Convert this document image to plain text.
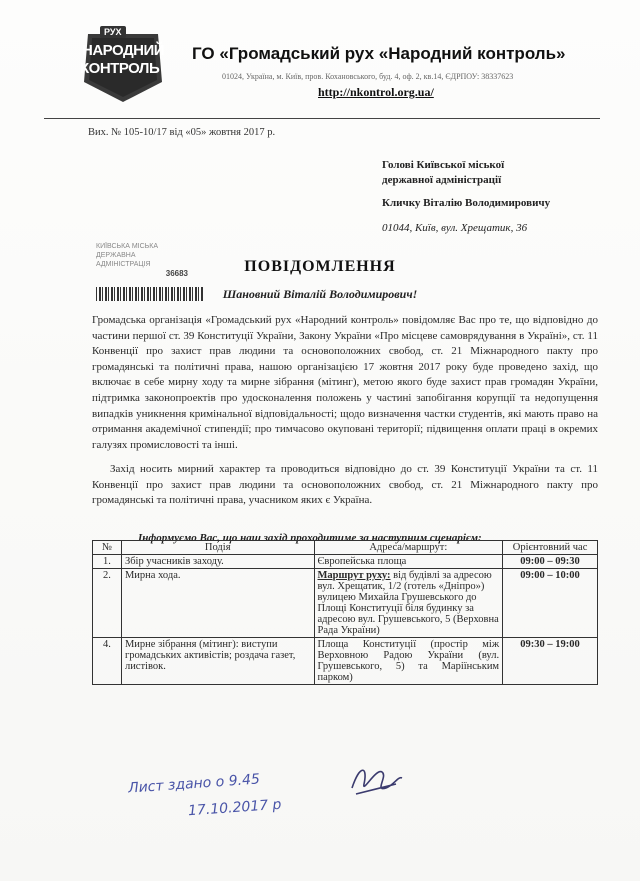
РУХ
НАРОДНИЙ
КОНТРОЛЬ
ГО «Громадський рух «Народний контроль»
01024, Україна, м. Київ, пров. Кохановського, буд. 4, оф. 2, кв.14, ЄДРПОУ: 38337623
http://nkontrol.org.ua/
Вих. № 105-10/17 від «05» жовтня 2017 р.
Голові Київської міської
державної адміністрації
Кличку Віталію Володимировичу
01044, Київ, вул. Хрещатик, 36
КИЇВСЬКА МІСЬКА ДЕРЖАВНА
АДМІНІСТРАЦІЯ
36683	ПОВІДОМЛЕННЯ
Шановний Віталій Володимирович!
Громадська організація «Громадський рух «Народний контроль» повідомляє Вас про те, що відповідно до частини першої ст. 39 Конституції України, Закону України «Про місцеве самоврядування в Україні», ст. 11 Конвенції про захист прав людини та основоположних свобод, ст. 21 Міжнародного пакту про громадянські та політичні права, нашою організацією 17 жовтня 2017 року буде проведено захід, що включає в себе мирну ходу та мирне зібрання (мітинг), метою якого буде захист прав громадян України, підтримка законопроектів про удосконалення положень у частині запобігання корупції та недопущення випадків уникнення кримінальної відповідальності; щодо визначення частки студентів, які мають право на отримання академічної стипендії; про тимчасово окуповані території; підвищення оплати праці в окремих галузях промисловості та інші.
Захід носить мирний характер та проводиться відповідно до ст. 39 Конституції України та ст. 11 Конвенції про захист прав людини та основоположних свобод, ст. 21 Міжнародного пакту про громадянські та політичні права, учасником яких є Україна.
Інформуємо Вас, що наш захід проходитиме за наступним сценарієм:
№	Подія	Адреса/маршрут:	Орієнтовний час
1.	Збір учасників заходу.	Європейська площа	09:00 – 09:30
2.	Мирна хода.	Маршрут руху: від будівлі за адресою вул. Хрещатик, 1/2 (готель «Дніпро») вулицею Михайла Грушевського до Площі Конституції біля будинку за адресою вул. Грушевського, 5 (Верховна Рада України)	09:00 – 10:00
4.	Мирне зібрання (мітинг): виступи громадських активістів; роздача газет, листівок.	Площа Конституції (простір між Верховною Радою України (вул. Грушевського, 5) та Маріїнським парком)	09:30 – 19:00
Лист здано о 9.45
17.10.2017 р
